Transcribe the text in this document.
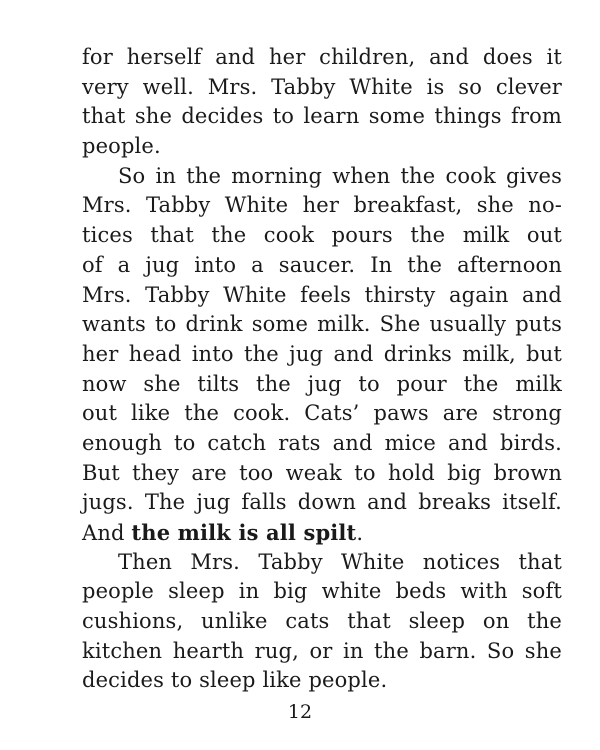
for herself and her children, and does it
very well. Mrs. Tabby White is so clever
that she decides to learn some things from
people.
So in the morning when the cook gives
Mrs. Tabby White her breakfast, she no-
tices that the cook pours the milk out
of a jug into a saucer. In the afternoon
Mrs. Tabby White feels thirsty again and
wants to drink some milk. She usually puts
her head into the jug and drinks milk, but
now she tilts the jug to pour the milk
out like the cook. Cats’ paws are strong
enough to catch rats and mice and birds.
But they are too weak to hold big brown
jugs. The jug falls down and breaks itself.
And the milk is all spilt.
Then Mrs. Tabby White notices that
people sleep in big white beds with soft
cushions, unlike cats that sleep on the
kitchen hearth rug, or in the barn. So she
decides to sleep like people.
12
